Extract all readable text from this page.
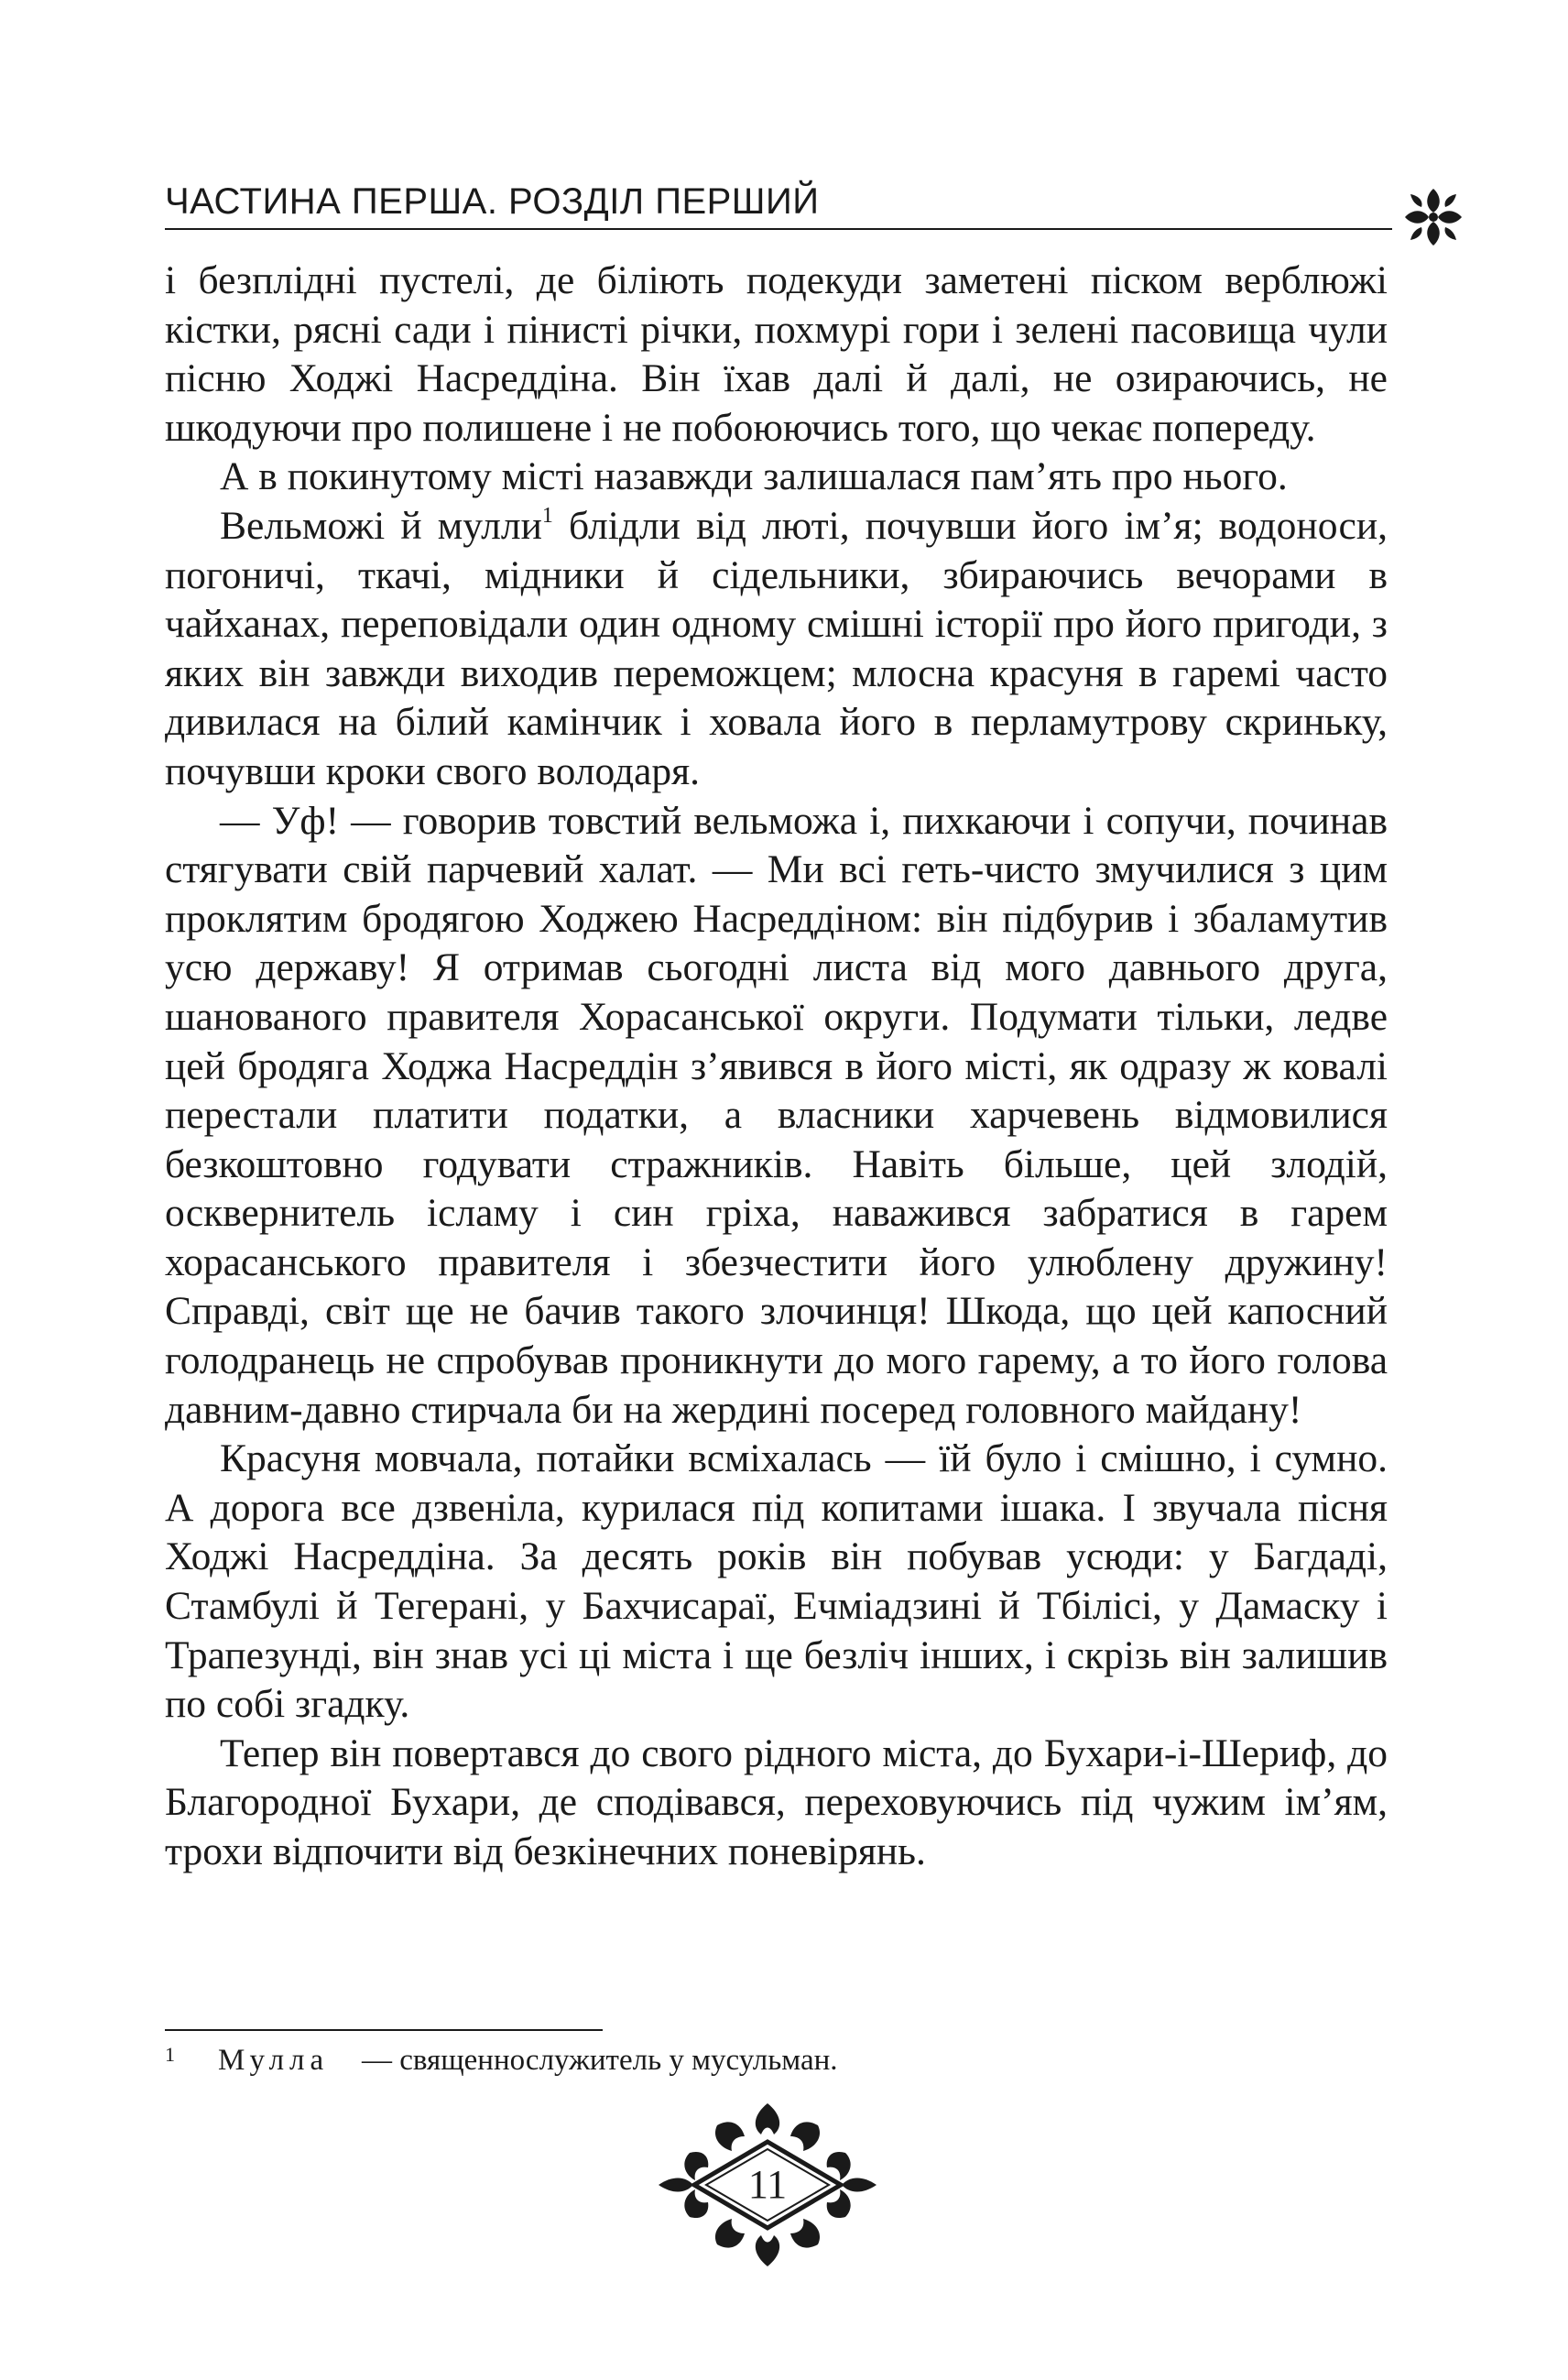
ЧАСТИНА ПЕРША. РОЗДІЛ ПЕРШИЙ

і безплідні пустелі, де біліють подекуди заметені піском верблюжі кістки, рясні сади і пінисті річки, похмурі гори і зелені пасовища чули пісню Ходжі Насреддіна. Він їхав далі й далі, не озираючись, не шкодуючи про полишене і не побоюючись того, що чекає попереду.

А в покинутому місті назавжди залишалася пам’ять про нього.

Вельможі й мулли$^1$ блідли від люті, почувши його ім’я; водоноси, погоничі, ткачі, мідники й сідельники, збираючись вечорами в чайханах, переповідали один одному смішні історії про його пригоди, з яких він завжди виходив переможцем; млосна красуня в гаремі часто дивилася на білий камінчик і ховала його в перламутрову скриньку, почувши кроки свого володаря.

— Уф! — говорив товстий вельможа і, пихкаючи і сопучи, починав стягувати свій парчевий халат. — Ми всі геть-чисто змучилися з цим проклятим бродягою Ходжею Насреддіном: він підбурив і збаламутив усю державу! Я отримав сьогодні листа від мого давнього друга, шанованого правителя Хорасанської округи. Подумати тільки, ледве цей бродяга Ходжа Насреддін з’явився в його місті, як одразу ж ковалі перестали платити податки, а власники харчевень відмовилися безкоштовно годувати стражників. Навіть більше, цей злодій, осквернитель ісламу і син гріха, наважився забратися в гарем хорасанського правителя і збезчестити його улюблену дружину! Справді, світ ще не бачив такого злочинця! Шкода, що цей капосний голодранець не спробував проникнути до мого гарему, а то його голова давним-давно стирчала би на жердині посеред головного майдану!

Красуня мовчала, потайки всміхалась — їй було і смішно, і сумно. А дорога все дзвеніла, курилася під копитами ішака. І звучала пісня Ходжі Насреддіна. За десять років він побував усюди: у Багдаді, Стамбулі й Тегерані, у Бахчисараї, Ечміадзині й Тбілісі, у Дамаску і Трапезунді, він знав усі ці міста і ще безліч інших, і скрізь він залишив по собі згадку.

Тепер він повертався до свого рідного міста, до Бухари-і-Шериф, до Благородної Бухари, де сподівався, переховуючись під чужим ім’ям, трохи відпочити від безкінечних поневірянь.

1 Мулла — священнослужитель у мусульман.
11
